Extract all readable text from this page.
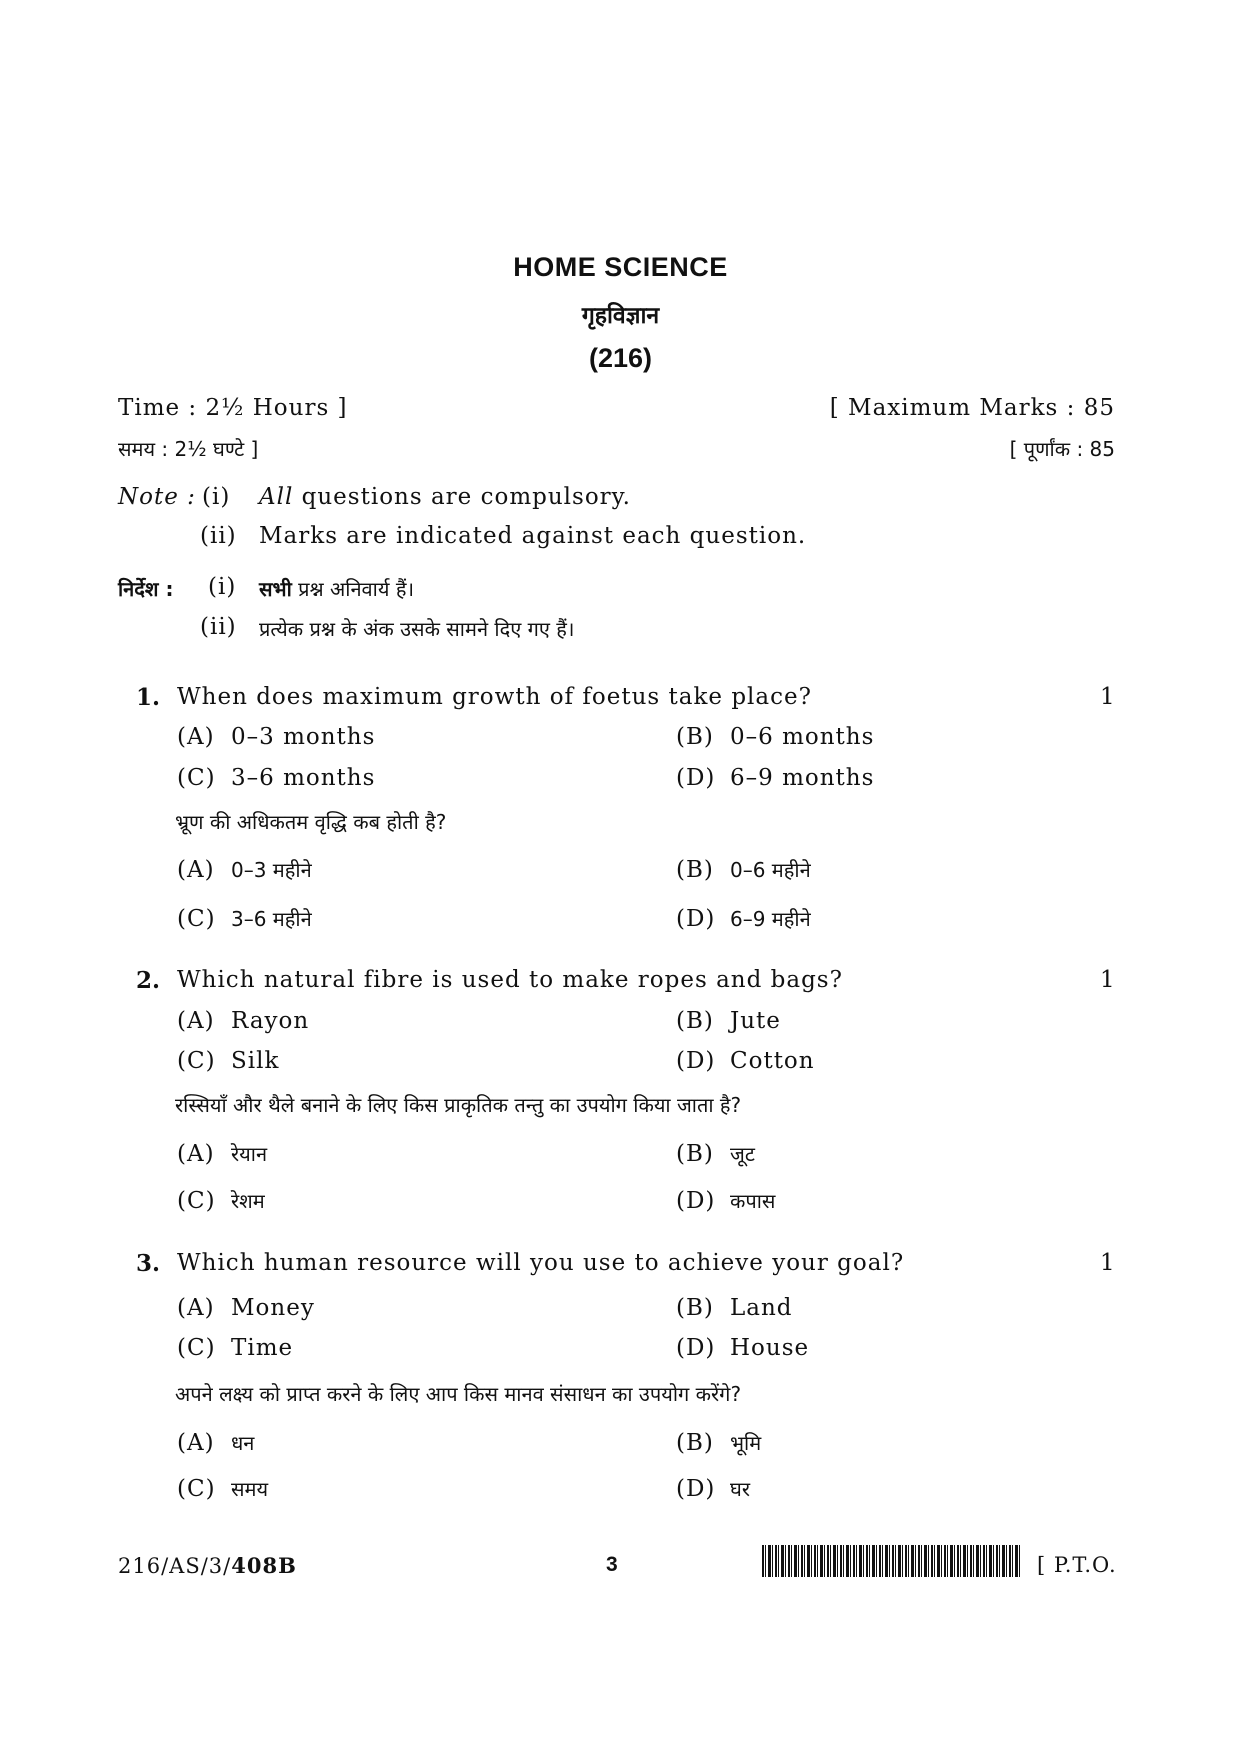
HOME SCIENCE
गृहविज्ञान
(216)
Time : 2½ Hours ]	[ Maximum Marks : 85
समय : 2½ घण्टे ]	[ पूर्णांक : 85
Note : (i) All questions are compulsory.
(ii) Marks are indicated against each question.
निर्देश : (i) सभी प्रश्न अनिवार्य हैं।
(ii) प्रत्येक प्रश्न के अंक उसके सामने दिए गए हैं।
1. When does maximum growth of foetus take place?	1
(A) 0–3 months	(B) 0–6 months
(C) 3–6 months	(D) 6–9 months
भ्रूण की अधिकतम वृद्धि कब होती है?
(A) 0–3 महीने	(B) 0–6 महीने
(C) 3–6 महीने	(D) 6–9 महीने
2. Which natural fibre is used to make ropes and bags?	1
(A) Rayon	(B) Jute
(C) Silk	(D) Cotton
रस्सियाँ और थैले बनाने के लिए किस प्राकृतिक तन्तु का उपयोग किया जाता है?
(A) रेयान	(B) जूट
(C) रेशम	(D) कपास
3. Which human resource will you use to achieve your goal?	1
(A) Money	(B) Land
(C) Time	(D) House
अपने लक्ष्य को प्राप्त करने के लिए आप किस मानव संसाधन का उपयोग करेंगे?
(A) धन	(B) भूमि
(C) समय	(D) घर
216/AS/3/408B	3	[ P.T.O.
